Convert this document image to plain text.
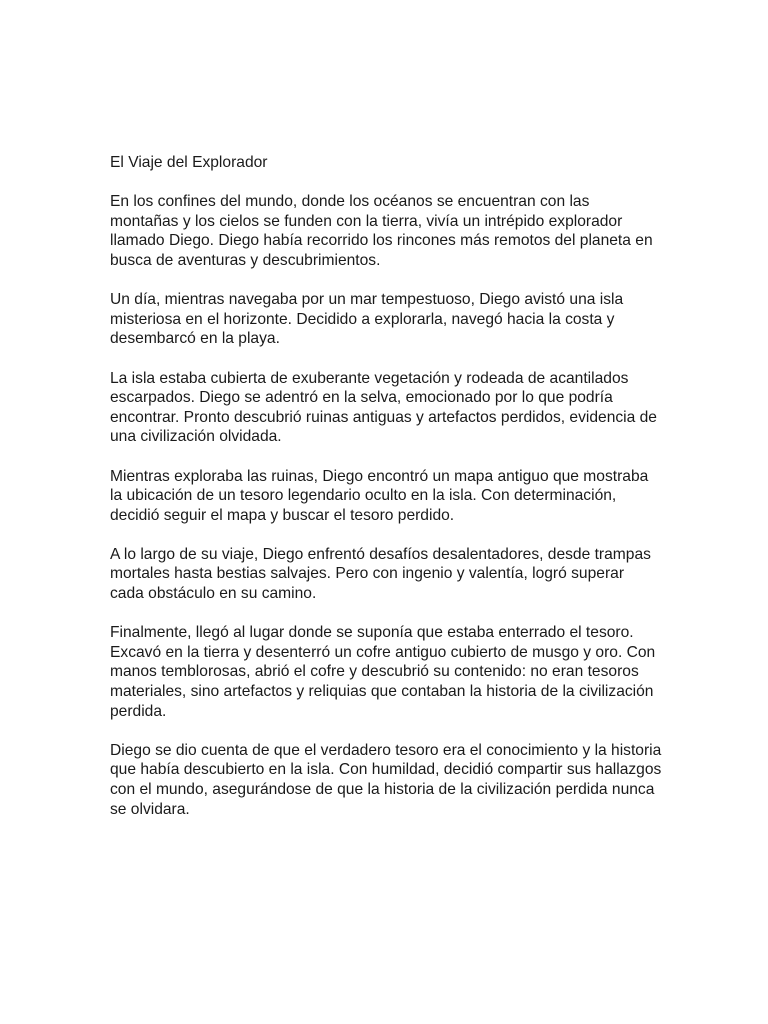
El Viaje del Explorador

En los confines del mundo, donde los océanos se encuentran con las montañas y los cielos se funden con la tierra, vivía un intrépido explorador llamado Diego. Diego había recorrido los rincones más remotos del planeta en busca de aventuras y descubrimientos.

Un día, mientras navegaba por un mar tempestuoso, Diego avistó una isla misteriosa en el horizonte. Decidido a explorarla, navegó hacia la costa y desembarcó en la playa.

La isla estaba cubierta de exuberante vegetación y rodeada de acantilados escarpados. Diego se adentró en la selva, emocionado por lo que podría encontrar. Pronto descubrió ruinas antiguas y artefactos perdidos, evidencia de una civilización olvidada.

Mientras exploraba las ruinas, Diego encontró un mapa antiguo que mostraba la ubicación de un tesoro legendario oculto en la isla. Con determinación, decidió seguir el mapa y buscar el tesoro perdido.

A lo largo de su viaje, Diego enfrentó desafíos desalentadores, desde trampas mortales hasta bestias salvajes. Pero con ingenio y valentía, logró superar cada obstáculo en su camino.

Finalmente, llegó al lugar donde se suponía que estaba enterrado el tesoro. Excavó en la tierra y desenterró un cofre antiguo cubierto de musgo y oro. Con manos temblorosas, abrió el cofre y descubrió su contenido: no eran tesoros materiales, sino artefactos y reliquias que contaban la historia de la civilización perdida.

Diego se dio cuenta de que el verdadero tesoro era el conocimiento y la historia que había descubierto en la isla. Con humildad, decidió compartir sus hallazgos con el mundo, asegurándose de que la historia de la civilización perdida nunca se olvidara.
